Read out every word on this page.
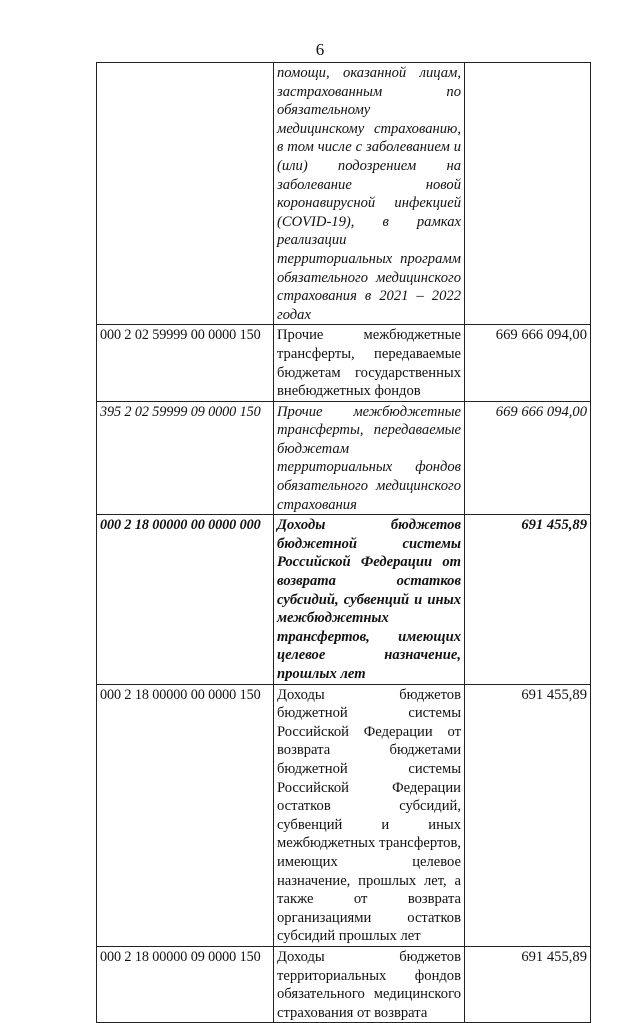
6
	помощи, оказанной лицам, застрахованным по обязательному медицинскому страхованию, в том числе с заболеванием и (или) подозрением на заболевание новой коронавирусной инфекцией (COVID-19), в рамках реализации территориальных программ обязательного медицинского страхования в 2021 – 2022 годах	
000 2 02 59999 00 0000 150	Прочие межбюджетные трансферты, передаваемые бюджетам государственных внебюджетных фондов	669 666 094,00
395 2 02 59999 09 0000 150	Прочие межбюджетные трансферты, передаваемые бюджетам территориальных фондов обязательного медицинского страхования	669 666 094,00
000 2 18 00000 00 0000 000	Доходы бюджетов бюджетной системы Российской Федерации от возврата остатков субсидий, субвенций и иных межбюджетных трансфертов, имеющих целевое назначение, прошлых лет	691 455,89
000 2 18 00000 00 0000 150	Доходы бюджетов бюджетной системы Российской Федерации от возврата бюджетами бюджетной системы Российской Федерации остатков субсидий, субвенций и иных межбюджетных трансфертов, имеющих целевое назначение, прошлых лет, а также от возврата организациями остатков субсидий прошлых лет	691 455,89
000 2 18 00000 09 0000 150	Доходы бюджетов территориальных фондов обязательного медицинского страхования от возврата	691 455,89
